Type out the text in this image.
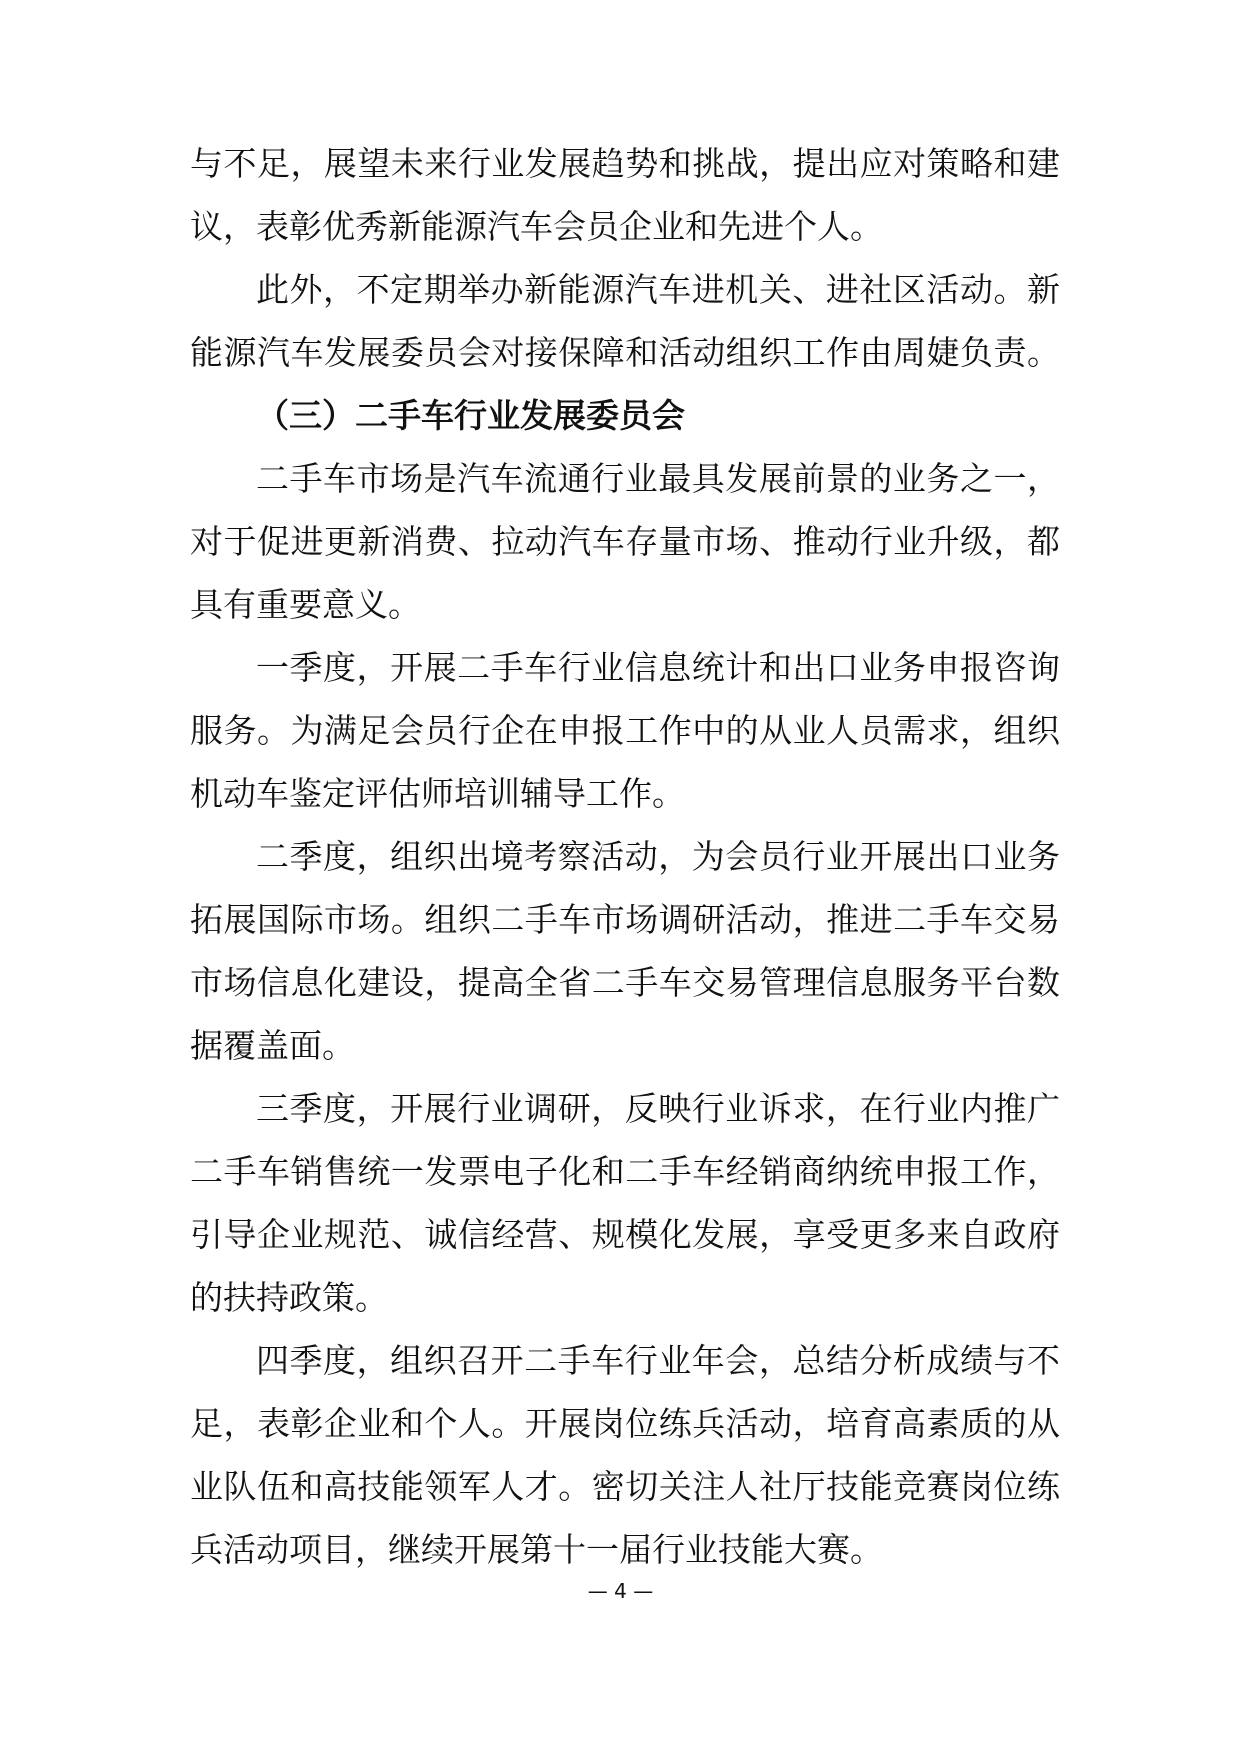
与不足，展望未来行业发展趋势和挑战，提出应对策略和建
议，表彰优秀新能源汽车会员企业和先进个人。
此外，不定期举办新能源汽车进机关、进社区活动。新
能源汽车发展委员会对接保障和活动组织工作由周婕负责。
（三）二手车行业发展委员会
二手车市场是汽车流通行业最具发展前景的业务之一，
对于促进更新消费、拉动汽车存量市场、推动行业升级，都
具有重要意义。
一季度，开展二手车行业信息统计和出口业务申报咨询
服务。为满足会员行企在申报工作中的从业人员需求，组织
机动车鉴定评估师培训辅导工作。
二季度，组织出境考察活动，为会员行业开展出口业务
拓展国际市场。组织二手车市场调研活动，推进二手车交易
市场信息化建设，提高全省二手车交易管理信息服务平台数
据覆盖面。
三季度，开展行业调研，反映行业诉求，在行业内推广
二手车销售统一发票电子化和二手车经销商纳统申报工作，
引导企业规范、诚信经营、规模化发展，享受更多来自政府
的扶持政策。
四季度，组织召开二手车行业年会，总结分析成绩与不
足，表彰企业和个人。开展岗位练兵活动，培育高素质的从
业队伍和高技能领军人才。密切关注人社厅技能竞赛岗位练
兵活动项目，继续开展第十一届行业技能大赛。
— 4 —
